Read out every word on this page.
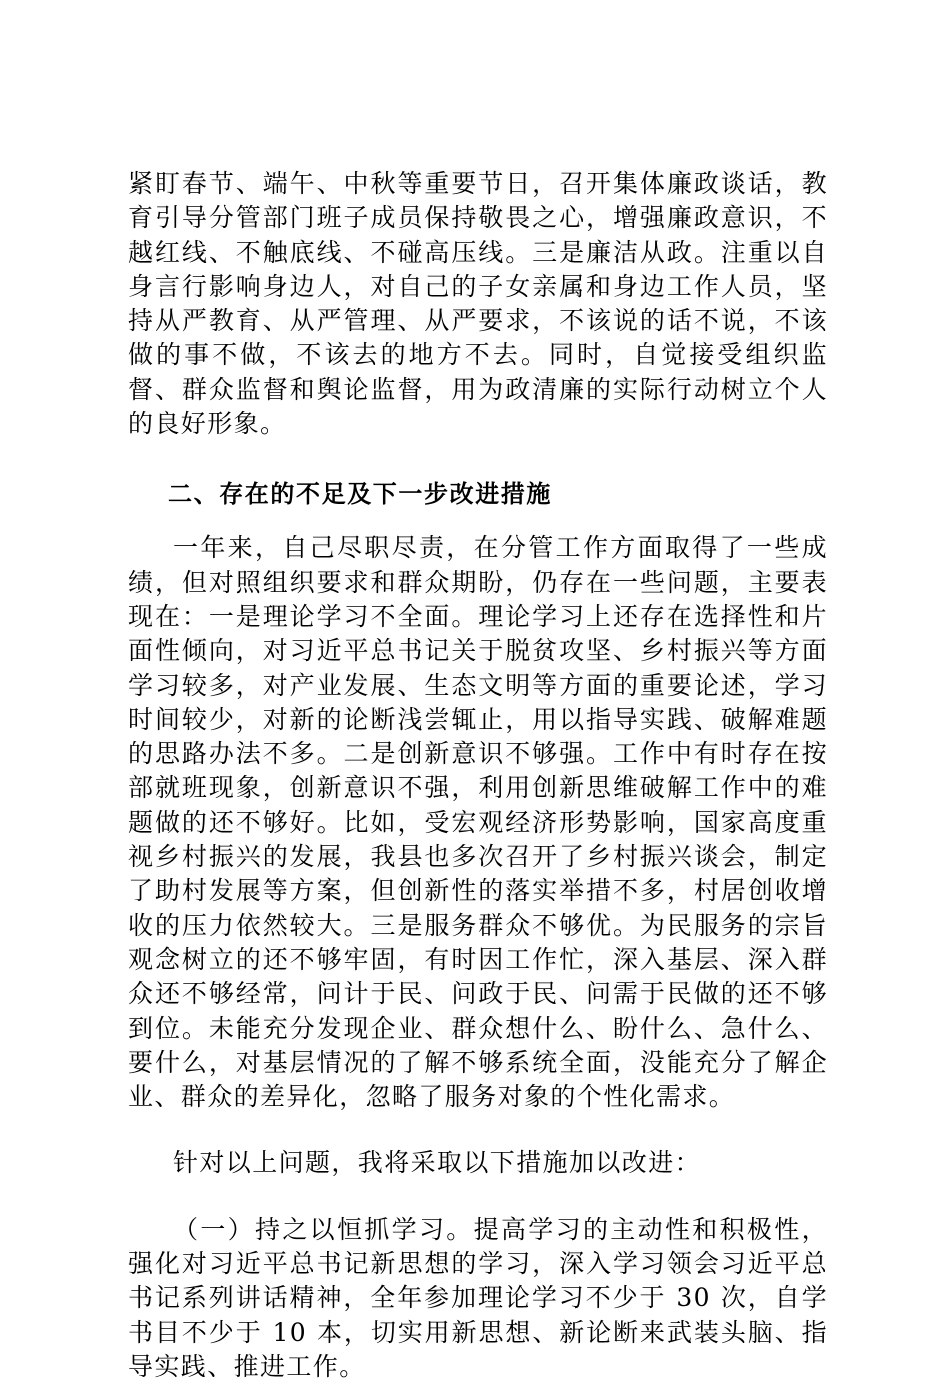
紧盯春节、端午、中秋等重要节日，召开集体廉政谈话，教育引导分管部门班子成员保持敬畏之心，增强廉政意识，不越红线、不触底线、不碰高压线。三是廉洁从政。注重以自身言行影响身边人，对自己的子女亲属和身边工作人员，坚持从严教育、从严管理、从严要求，不该说的话不说，不该做的事不做，不该去的地方不去。同时，自觉接受组织监督、群众监督和舆论监督，用为政清廉的实际行动树立个人的良好形象。

二、存在的不足及下一步改进措施

一年来，自己尽职尽责，在分管工作方面取得了一些成绩，但对照组织要求和群众期盼，仍存在一些问题，主要表现在：一是理论学习不全面。理论学习上还存在选择性和片面性倾向，对习近平总书记关于脱贫攻坚、乡村振兴等方面学习较多，对产业发展、生态文明等方面的重要论述，学习时间较少，对新的论断浅尝辄止，用以指导实践、破解难题的思路办法不多。二是创新意识不够强。工作中有时存在按部就班现象，创新意识不强，利用创新思维破解工作中的难题做的还不够好。比如，受宏观经济形势影响，国家高度重视乡村振兴的发展，我县也多次召开了乡村振兴谈会，制定了助村发展等方案，但创新性的落实举措不多，村居创收增收的压力依然较大。三是服务群众不够优。为民服务的宗旨观念树立的还不够牢固，有时因工作忙，深入基层、深入群众还不够经常，问计于民、问政于民、问需于民做的还不够到位。未能充分发现企业、群众想什么、盼什么、急什么、要什么，对基层情况的了解不够系统全面，没能充分了解企业、群众的差异化，忽略了服务对象的个性化需求。

针对以上问题，我将采取以下措施加以改进：

（一）持之以恒抓学习。提高学习的主动性和积极性，强化对习近平总书记新思想的学习，深入学习领会习近平总书记系列讲话精神，全年参加理论学习不少于 30 次，自学书目不少于 10 本，切实用新思想、新论断来武装头脑、指导实践、推进工作。
